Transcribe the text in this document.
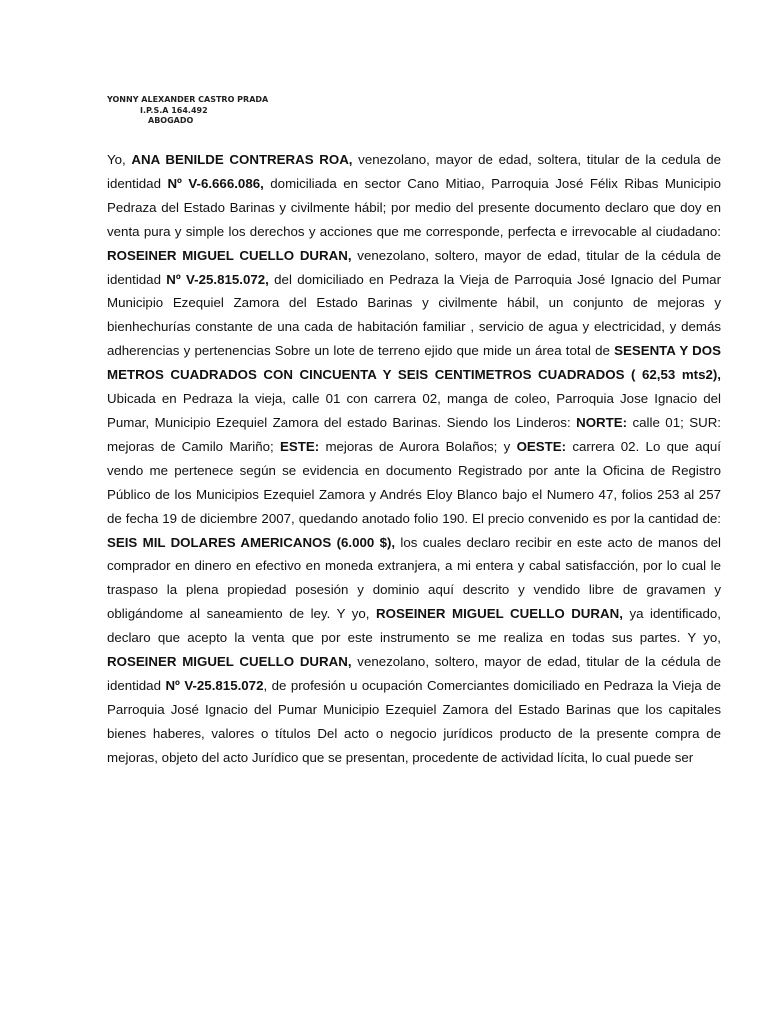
YONNY ALEXANDER CASTRO PRADA
I.P.S.A 164.492
ABOGADO
Yo, ANA BENILDE CONTRERAS ROA, venezolano, mayor de edad, soltera, titular de la cedula de identidad Nº V-6.666.086, domiciliada en sector Cano Mitiao, Parroquia José Félix Ribas Municipio Pedraza del Estado Barinas y civilmente hábil; por medio del presente documento declaro que doy en venta pura y simple los derechos y acciones que me corresponde, perfecta e irrevocable al ciudadano: ROSEINER MIGUEL CUELLO DURAN, venezolano, soltero, mayor de edad, titular de la cédula de identidad Nº V-25.815.072, del domiciliado en Pedraza la Vieja de Parroquia José Ignacio del Pumar Municipio Ezequiel Zamora del Estado Barinas y civilmente hábil, un conjunto de mejoras y bienhechurías constante de una cada de habitación familiar , servicio de agua y electricidad, y demás adherencias y pertenencias Sobre un lote de terreno ejido que mide un área total de SESENTA Y DOS METROS CUADRADOS CON CINCUENTA Y SEIS CENTIMETROS CUADRADOS ( 62,53 mts2), Ubicada en Pedraza la vieja, calle 01 con carrera 02, manga de coleo, Parroquia Jose Ignacio del Pumar, Municipio Ezequiel Zamora del estado Barinas. Siendo los Linderos: NORTE: calle 01; SUR: mejoras de Camilo Mariño; ESTE: mejoras de Aurora Bolaños; y OESTE: carrera 02. Lo que aquí vendo me pertenece según se evidencia en documento Registrado por ante la Oficina de Registro Público de los Municipios Ezequiel Zamora y Andrés Eloy Blanco bajo el Numero 47, folios 253 al 257 de fecha 19 de diciembre 2007, quedando anotado folio 190. El precio convenido es por la cantidad de: SEIS MIL DOLARES AMERICANOS (6.000 $), los cuales declaro recibir en este acto de manos del comprador en dinero en efectivo en moneda extranjera, a mi entera y cabal satisfacción, por lo cual le traspaso la plena propiedad posesión y dominio aquí descrito y vendido libre de gravamen y obligándome al saneamiento de ley. Y yo, ROSEINER MIGUEL CUELLO DURAN, ya identificado, declaro que acepto la venta que por este instrumento se me realiza en todas sus partes. Y yo, ROSEINER MIGUEL CUELLO DURAN, venezolano, soltero, mayor de edad, titular de la cédula de identidad Nº V-25.815.072, de profesión u ocupación Comerciantes domiciliado en Pedraza la Vieja de Parroquia José Ignacio del Pumar Municipio Ezequiel Zamora del Estado Barinas que los capitales bienes haberes, valores o títulos Del acto o negocio jurídicos producto de la presente compra de mejoras, objeto del acto Jurídico que se presentan, procedente de actividad lícita, lo cual puede ser
